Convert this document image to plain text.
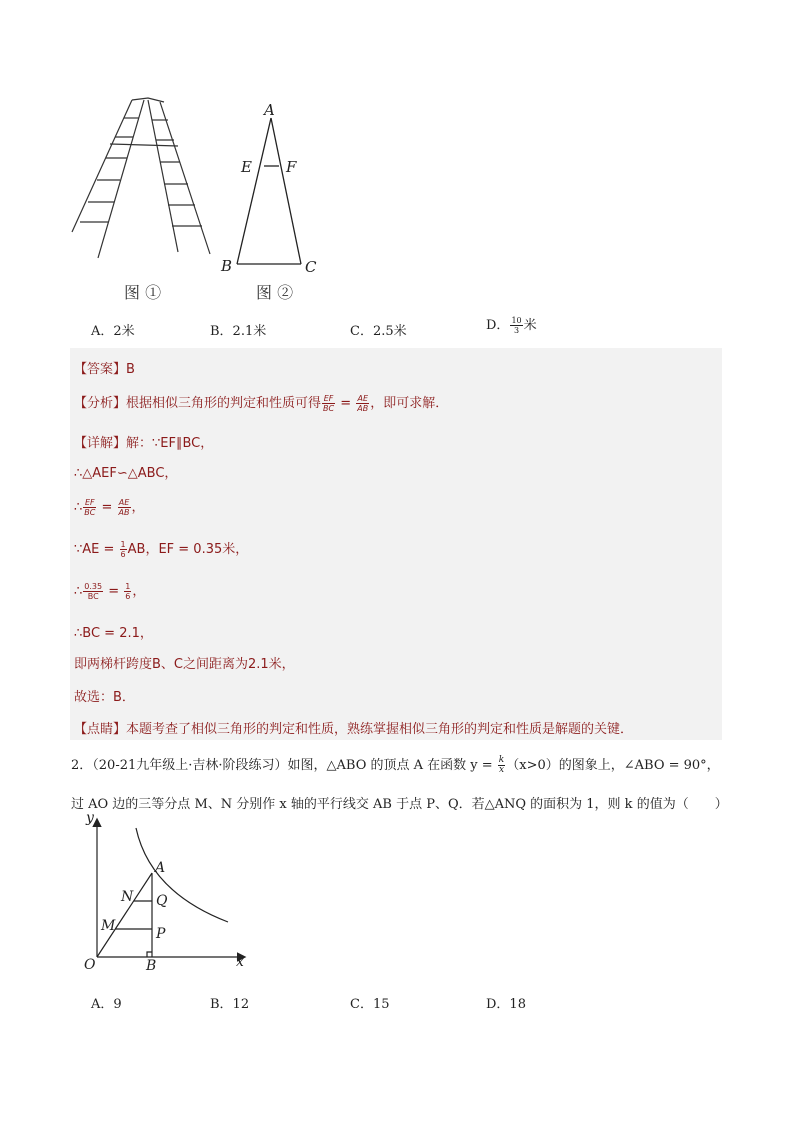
图 ①
A
E F
B	C
图 ②
A．2米	B．2.1米	C．2.5米	D． $\frac{10}{3}$ 米
【答案】B
【分析】根据相似三角形的判定和性质可得 $\frac{EF}{BC} = \frac{AE}{AB}$ ，即可求解．
【详解】解：∵EF∥BC，
∴△AEF∽△ABC，
∴ $\frac{EF}{BC} = \frac{AE}{AB}$ ，
∵AE = $\frac{1}{6}$ AB，EF = 0.35米，
∴ $\frac{0.35}{BC} = \frac{1}{6}$ ，
∴BC = 2.1，
即两梯杆跨度B、C之间距离为2.1米，
故选：B．
【点睛】本题考查了相似三角形的判定和性质，熟练掌握相似三角形的判定和性质是解题的关键．
2．（20-21九年级上·吉林·阶段练习）如图，△ABO 的顶点 A 在函数 $y = \frac{k}{x} (x>0)$的图象上，∠ABO = 90°，
过 AO 边的三等分点 M、N 分别作 x 轴的平行线交 AB 于点 P、Q．若△ANQ 的面积为 1，则 k 的值为（　　）
y
x
O
A
N Q
M	P
B
A．9	B．12	C．15	D．18
